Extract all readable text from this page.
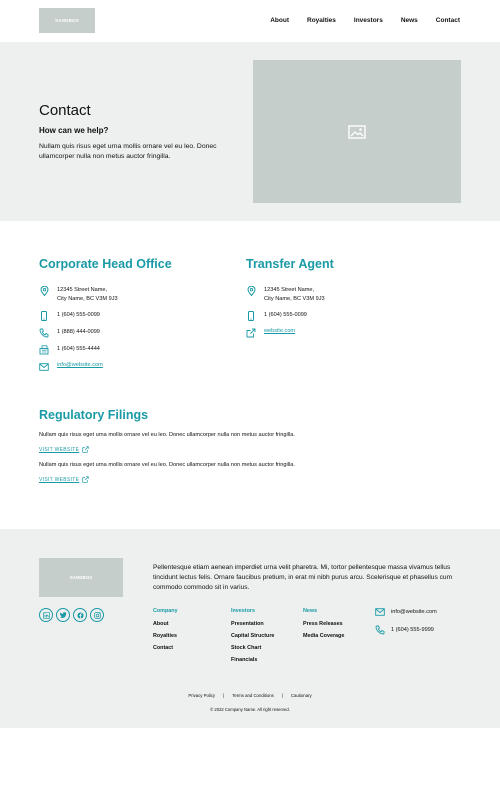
SANDBOX	About	Royalties	Investors	News	Contact
Contact
How can we help?

Nullam quis risus eget urna mollis ornare vel eu leo. Donec ullamcorper nulla non metus auctor fringilla.

Corporate Head Office
12345 Street Name,
City Name, BC V3M 9J3
1 (604) 555-0099
1 (888) 444-0099
1 (604) 555-4444
info@website.com
Transfer Agent
12345 Street Name,
City Name, BC V3M 9J3
1 (604) 555-0099
website.com
Regulatory Filings

Nullam quis risus eget urna mollis ornare vel eu leo. Donec ullamcorper nulla non metus auctor fringilla.

VISIT WEBSITE

Nullam quis risus eget urna mollis ornare vel eu leo. Donec ullamcorper nulla non metus auctor fringilla.

VISIT WEBSITE
SANDBOX

Pellentesque etiam aenean imperdiet urna velit pharetra. Mi, tortor pellentesque massa vivamus tellus tincidunt lectus felis. Ornare faucibus pretium, in erat mi nibh purus arcu. Scelerisque et phasellus cum commodo commodo sit in varius.

Company
About
Royalties
Contact
Investors
Presentation
Capital Structure
Stock Chart
Financials
News
Press Releases
Media Coverage
info@website.com
1 (604) 555-9999
Privacy Policy | Terms and Conditions | Cautionary
© 2022 Company Name. All right reserved.
